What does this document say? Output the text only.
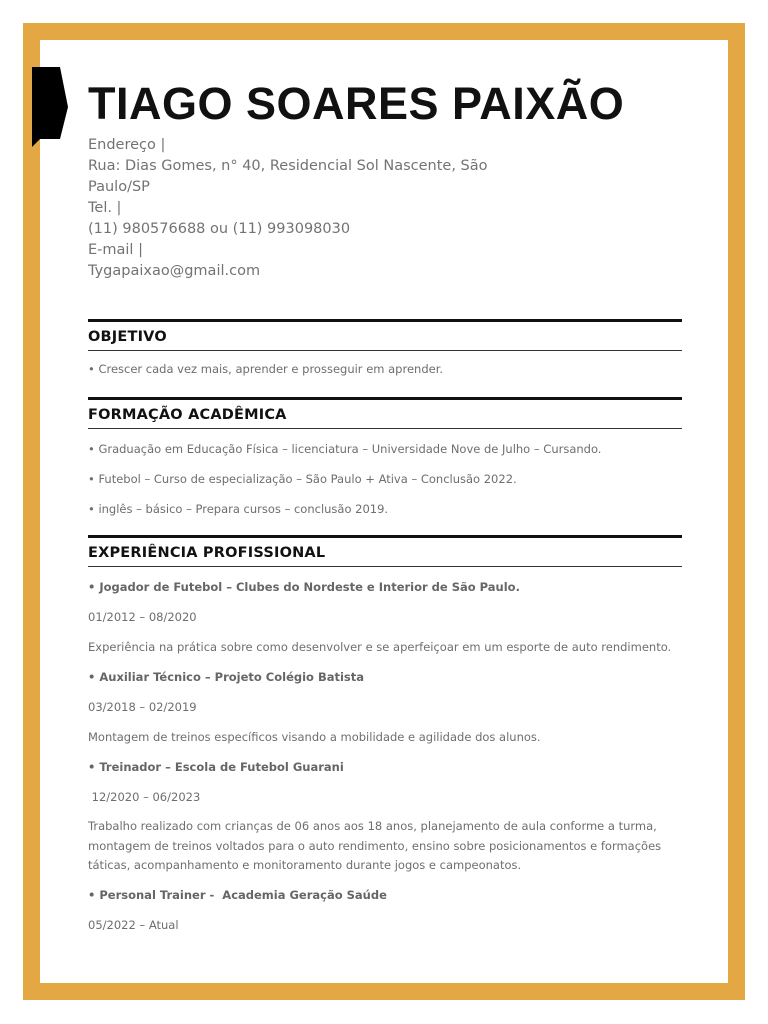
TIAGO SOARES PAIXÃO
Endereço |
Rua: Dias Gomes, n° 40, Residencial Sol Nascente, São
Paulo/SP
Tel. |
(11) 980576688 ou (11) 993098030
E-mail |
Tygapaixao@gmail.com
OBJETIVO
• Crescer cada vez mais, aprender e prosseguir em aprender.
FORMAÇÃO ACADÊMICA
• Graduação em Educação Física – licenciatura – Universidade Nove de Julho – Cursando.
• Futebol – Curso de especialização – São Paulo + Ativa – Conclusão 2022.
• inglês – básico – Prepara cursos – conclusão 2019.
EXPERIÊNCIA PROFISSIONAL
• Jogador de Futebol – Clubes do Nordeste e Interior de São Paulo.
01/2012 – 08/2020
Experiência na prática sobre como desenvolver e se aperfeiçoar em um esporte de auto rendimento.
• Auxiliar Técnico – Projeto Colégio Batista
03/2018 – 02/2019
Montagem de treinos específicos visando a mobilidade e agilidade dos alunos.
• Treinador – Escola de Futebol Guarani
12/2020 – 06/2023
Trabalho realizado com crianças de 06 anos aos 18 anos, planejamento de aula conforme a turma, montagem de treinos voltados para o auto rendimento, ensino sobre posicionamentos e formações táticas, acompanhamento e monitoramento durante jogos e campeonatos.
• Personal Trainer -  Academia Geração Saúde
05/2022 – Atual
